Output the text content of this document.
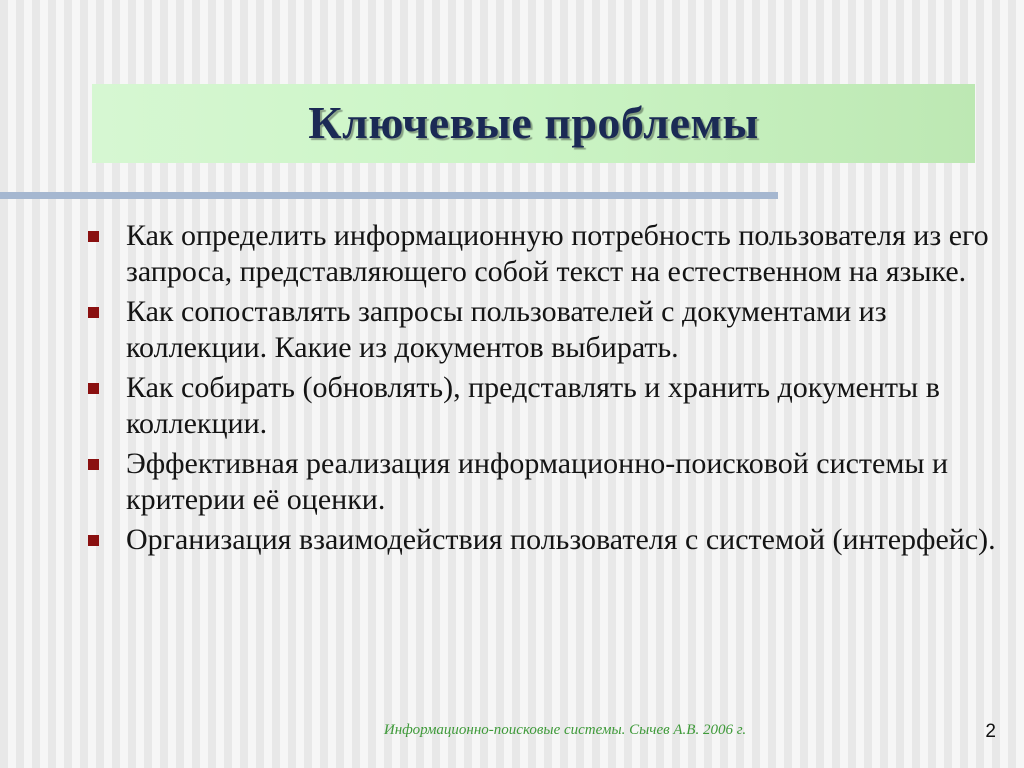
Ключевые проблемы
Как определить информационную потребность пользователя из его запроса, представляющего собой текст на естественном на языке.
Как сопоставлять запросы пользователей с документами из коллекции. Какие из документов выбирать.
Как собирать (обновлять), представлять и хранить документы в коллекции.
Эффективная реализация информационно-поисковой системы и критерии её оценки.
Организация взаимодействия пользователя с системой (интерфейс).
Информационно-поисковые системы. Сычев А.В. 2006 г.	2
